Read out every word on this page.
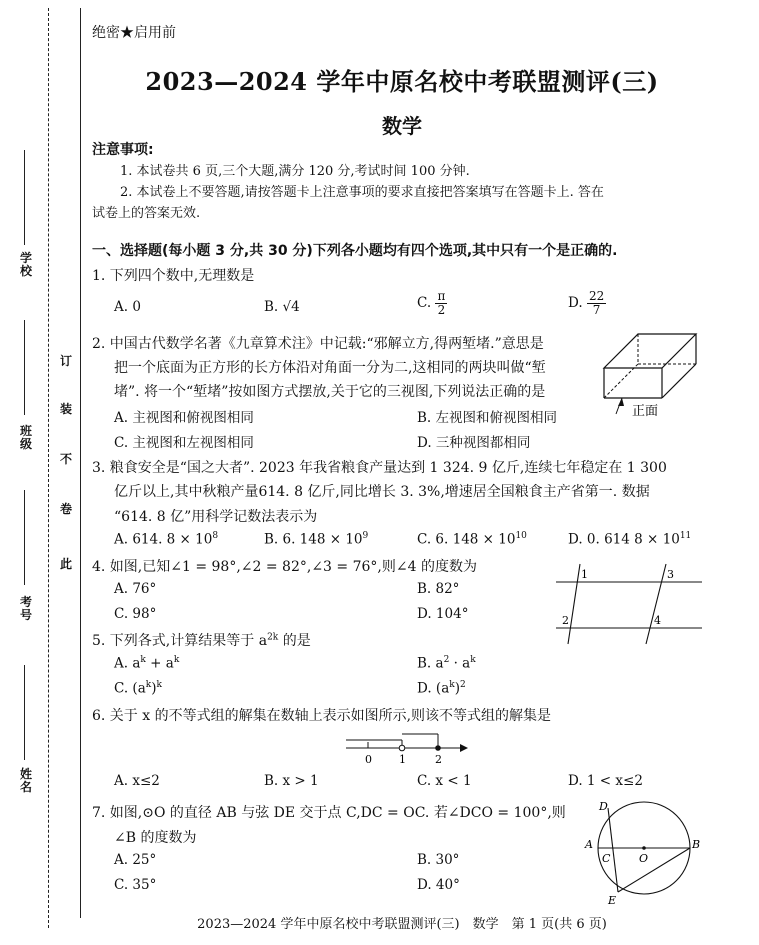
学校
班级
考号
姓名
订
装
不
卷
此
绝密★启用前
2023—2024 学年中原名校中考联盟测评(三)
数学
注意事项:
1. 本试卷共 6 页,三个大题,满分 120 分,考试时间 100 分钟.
2. 本试卷上不要答题,请按答题卡上注意事项的要求直接把答案填写在答题卡上. 答在
试卷上的答案无效.
一、选择题(每小题 3 分,共 30 分)下列各小题均有四个选项,其中只有一个是正确的.
1. 下列四个数中,无理数是
A. 0	B. √4	C. $\frac{\pi}{2}$	D. $\frac{22}{7}$
2. 中国古代数学名著《九章算术注》中记载:“邪解立方,得两堑堵.”意思是
把一个底面为正方形的长方体沿对角面一分为二,这相同的两块叫做“堑
堵”. 将一个“堑堵”按如图方式摆放,关于它的三视图,下列说法正确的是
A. 主视图和俯视图相同	B. 左视图和俯视图相同
C. 主视图和左视图相同	D. 三种视图都相同
正面
3. 粮食安全是“国之大者”. 2023 年我省粮食产量达到 1 324. 9 亿斤,连续七年稳定在 1 300
亿斤以上,其中秋粮产量614. 8 亿斤,同比增长 3. 3%,增速居全国粮食主产省第一. 数据
“614. 8 亿”用科学记数法表示为
A. 614. $8 \times 10^8$	B. 6. $148 \times 10^9$	C. 6. $148 \times 10^{10}$	D. 0. 614 $8 \times 10^{11}$
4. 如图,已知∠1 = 98°,∠2 = 82°,∠3 = 76°,则∠4 的度数为
A. 76°	B. 82°
C. 98°	D. 104°
1
2
3
4
5. 下列各式,计算结果等于 $a^{2k}$ 的是
A. $a^k + a^k$	B. $a^2 \cdot a^k$
C. $(a^k)^k$	D. $(a^k)^2$
6. 关于 x 的不等式组的解集在数轴上表示如图所示,则该不等式组的解集是
0 1	2
A. x≤2	B. x > 1	C. x < 1	D. 1 < x≤2
7. 如图,⊙O 的直径 AB 与弦 DE 交于点 C,DC = OC. 若∠DCO = 100°,则
∠B 的度数为
A. 25°	B. 30°
C. 35°	D. 40°
D
A
C	O
B
E
2023—2024 学年中原名校中考联盟测评(三)　数学　第 1 页(共 6 页)
